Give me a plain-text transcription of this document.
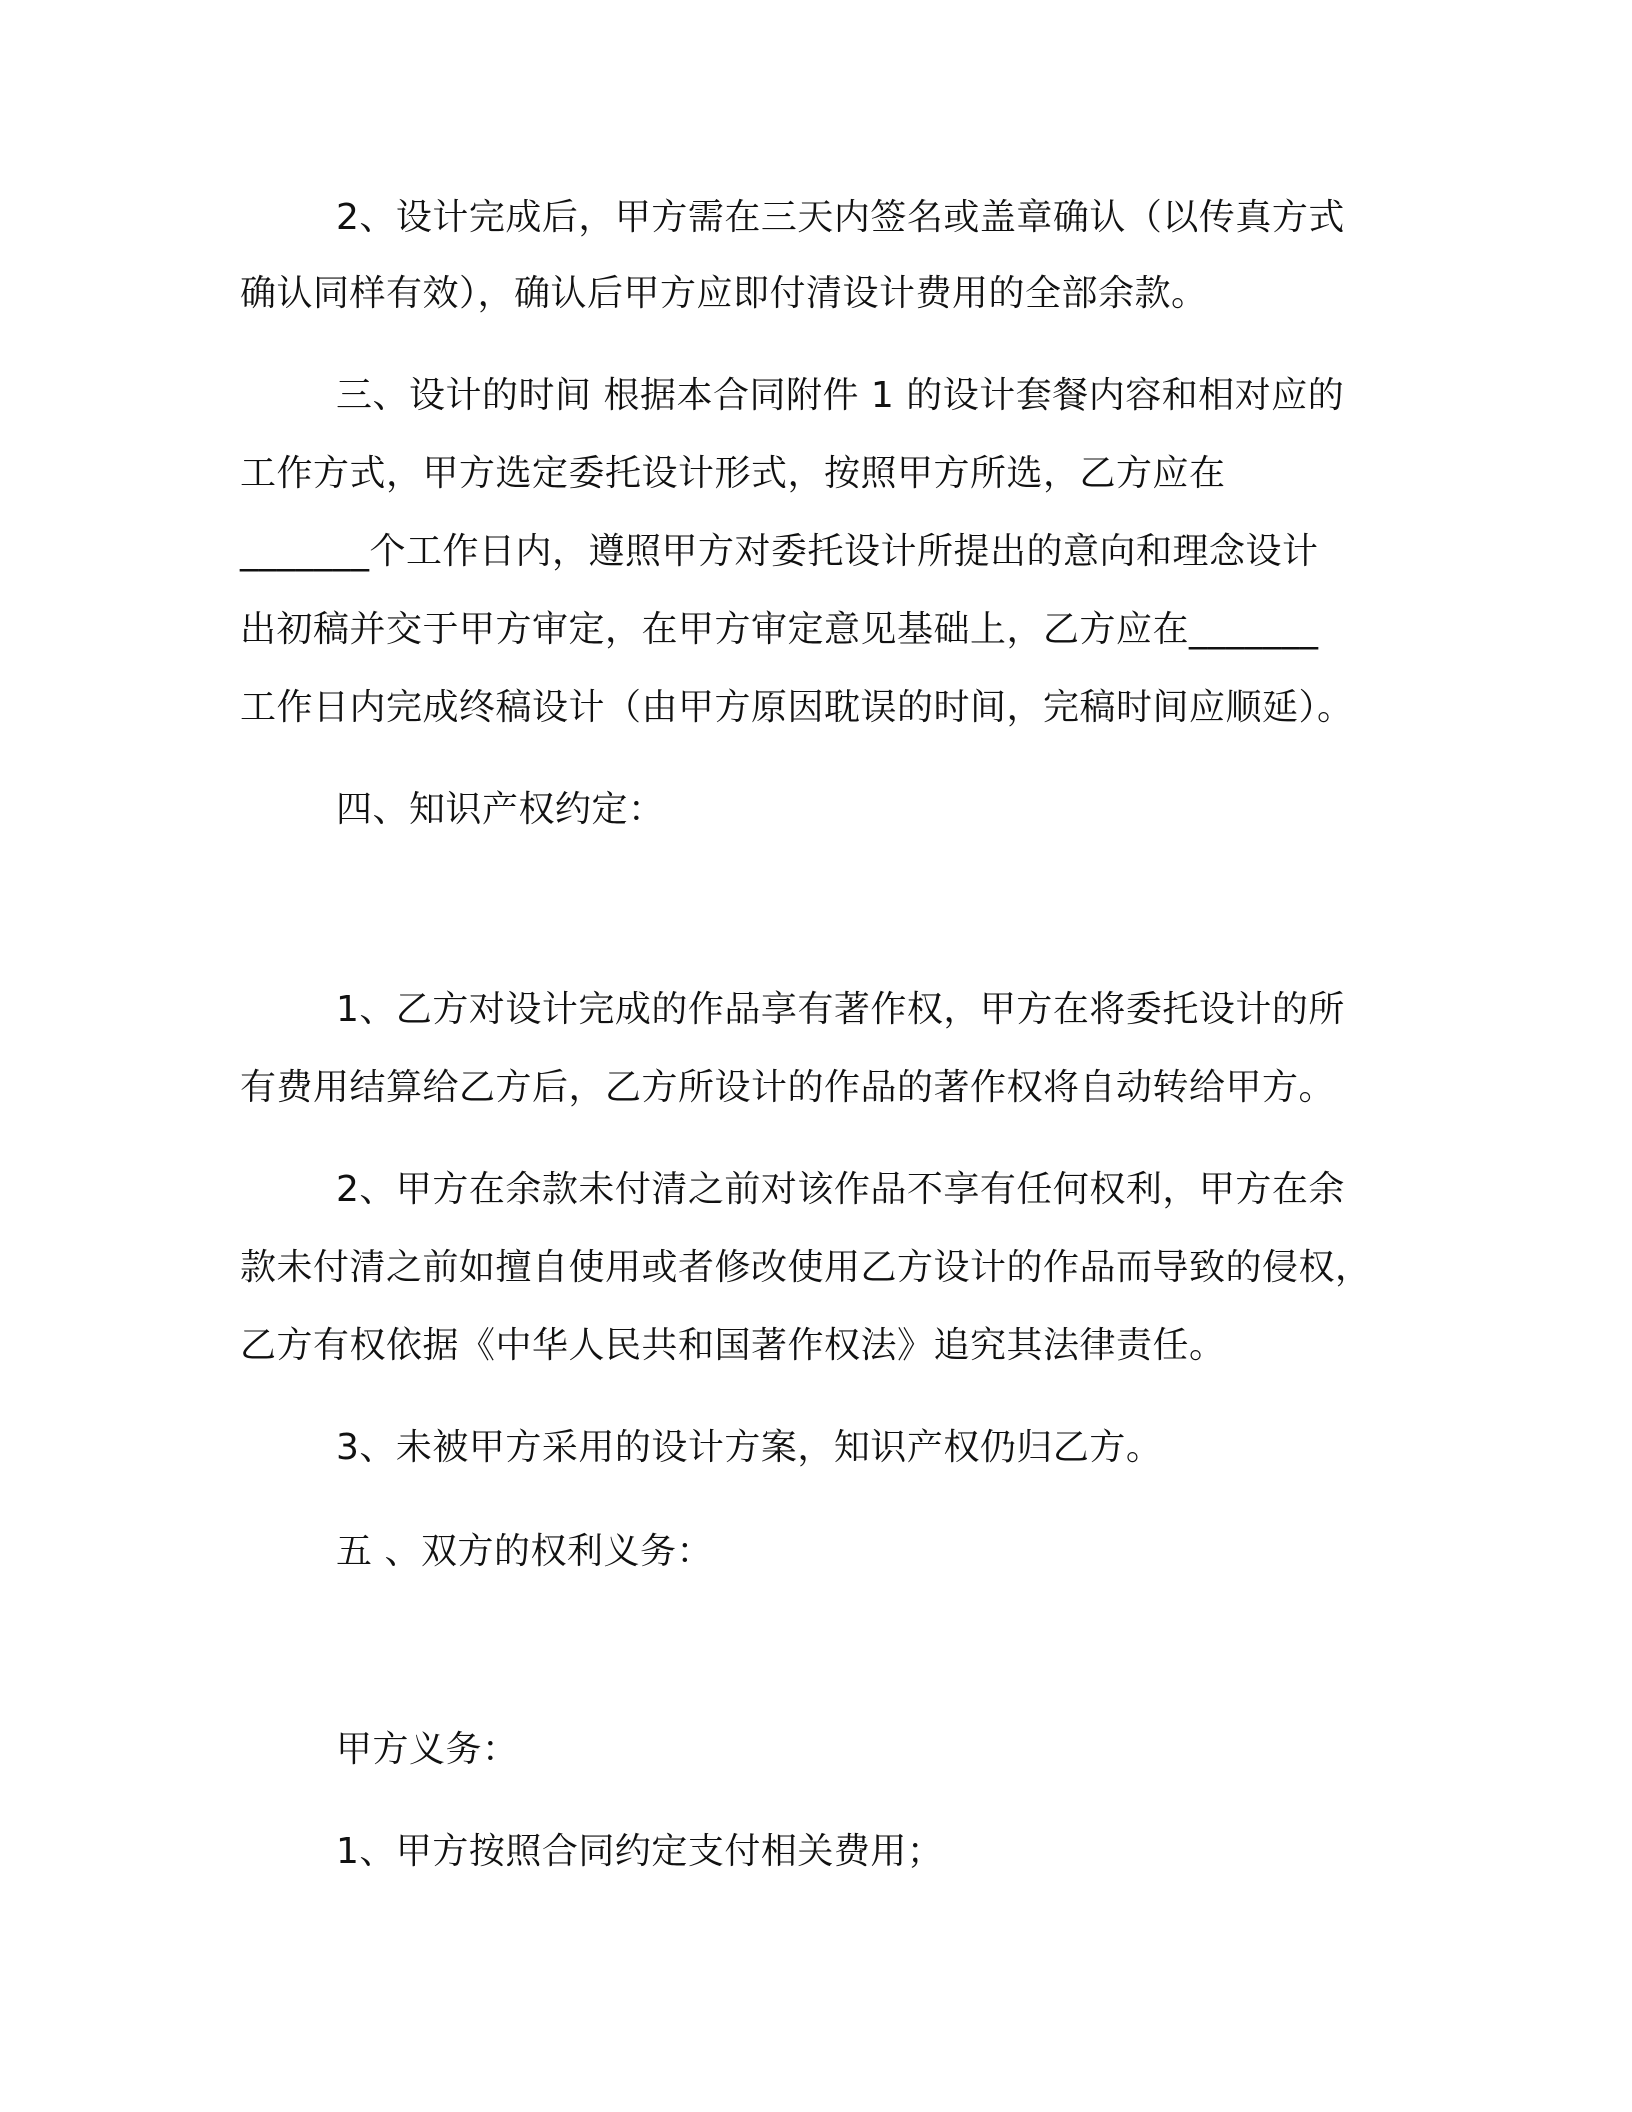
2、设计完成后，甲方需在三天内签名或盖章确认（以传真方式
确认同样有效），确认后甲方应即付清设计费用的全部余款。
三、设计的时间 根据本合同附件 1 的设计套餐内容和相对应的
工作方式，甲方选定委托设计形式，按照甲方所选，乙方应在
_______个工作日内，遵照甲方对委托设计所提出的意向和理念设计
出初稿并交于甲方审定，在甲方审定意见基础上，乙方应在_______
工作日内完成终稿设计（由甲方原因耽误的时间，完稿时间应顺延）。
四、知识产权约定：
1、乙方对设计完成的作品享有著作权，甲方在将委托设计的所
有费用结算给乙方后，乙方所设计的作品的著作权将自动转给甲方。
2、甲方在余款未付清之前对该作品不享有任何权利，甲方在余
款未付清之前如擅自使用或者修改使用乙方设计的作品而导致的侵权，
乙方有权依据《中华人民共和国著作权法》追究其法律责任。
3、未被甲方采用的设计方案，知识产权仍归乙方。
五 、双方的权利义务：
甲方义务：
1、甲方按照合同约定支付相关费用；
